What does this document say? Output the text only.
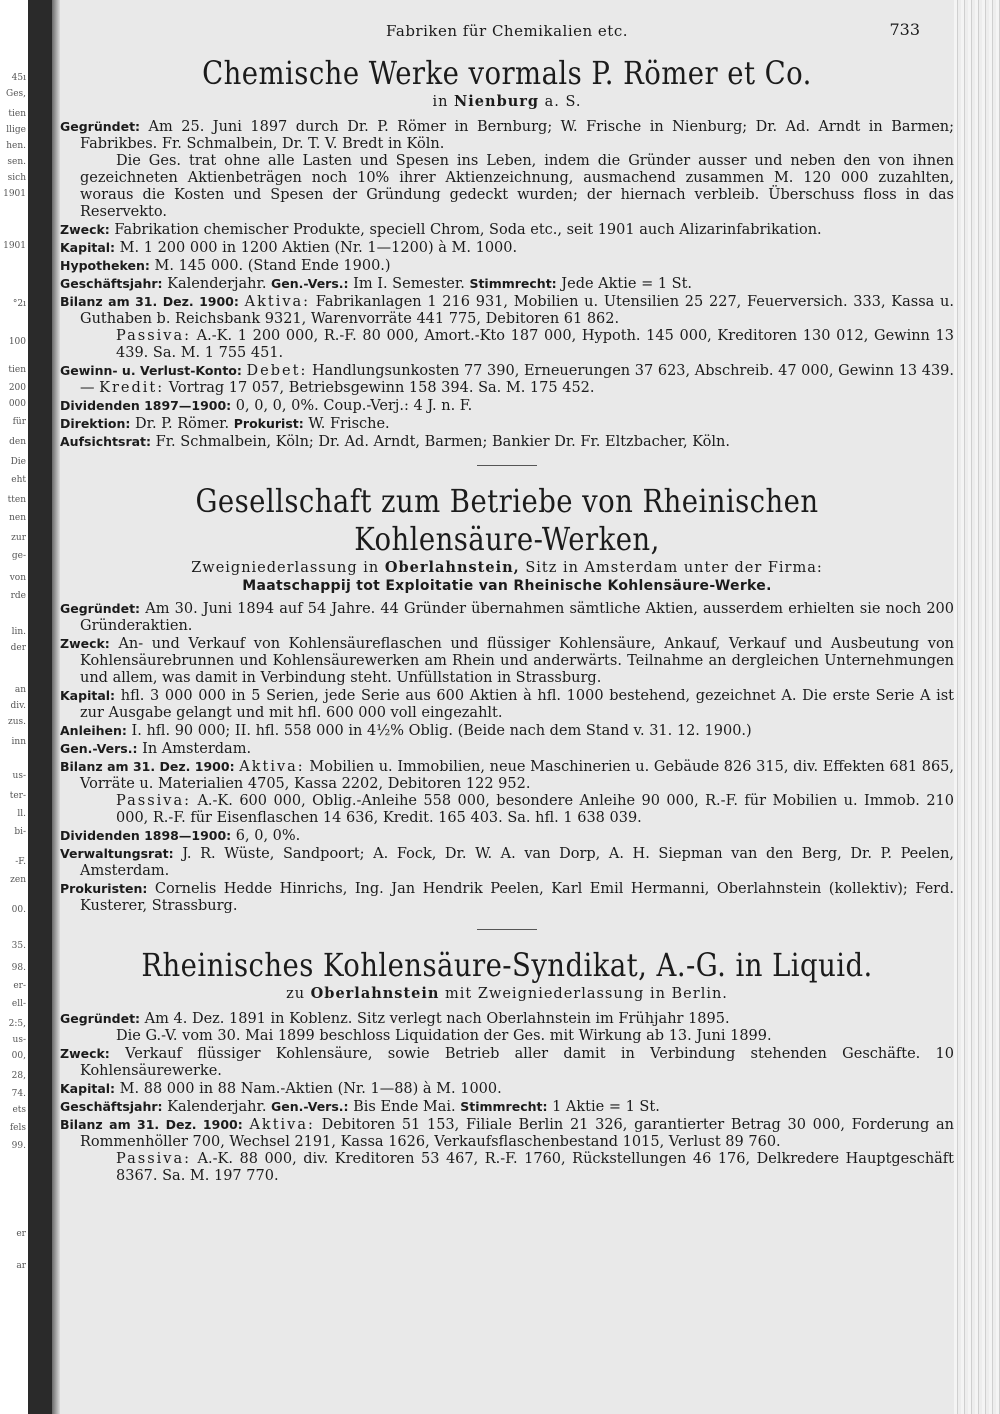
45ı
Ges,
tien
llige
hen.
sen.
sich
1901
1901
°2ı
100
tien
200
000
für
den
Die
eht
tten
nen
zur
ge-
von
rde
lin.
der
an
div.
zus.
inn
us-
ter-
ll.
bi-
-F.
zen
00.
35.
98.
er-
ell-
2:5,
us-
00,
28,
74.
ets
fels
99.
er
ar
Fabriken für Chemikalien etc.	733
Chemische Werke vormals P. Römer et Co.
in Nienburg a. S.
Gegründet: Am 25. Juni 1897 durch Dr. P. Römer in Bernburg; W. Frische in Nienburg; Dr. Ad. Arndt in Barmen; Fabrikbes. Fr. Schmalbein, Dr. T. V. Bredt in Köln.
Die Ges. trat ohne alle Lasten und Spesen ins Leben, indem die Gründer ausser und neben den von ihnen gezeichneten Aktienbeträgen noch 10% ihrer Aktienzeichnung, ausmachend zusammen M. 120 000 zuzahlten, woraus die Kosten und Spesen der Gründung gedeckt wurden; der hiernach verbleib. Überschuss floss in das Reservekto.
Zweck: Fabrikation chemischer Produkte, speciell Chrom, Soda etc., seit 1901 auch Alizarinfabrikation.
Kapital: M. 1 200 000 in 1200 Aktien (Nr. 1—1200) à M. 1000.
Hypotheken: M. 145 000. (Stand Ende 1900.)
Geschäftsjahr: Kalenderjahr. Gen.-Vers.: Im I. Semester. Stimmrecht: Jede Aktie = 1 St.
Bilanz am 31. Dez. 1900: Aktiva: Fabrikanlagen 1 216 931, Mobilien u. Utensilien 25 227, Feuerversich. 333, Kassa u. Guthaben b. Reichsbank 9321, Warenvorräte 441 775, Debitoren 61 862.
Passiva: A.-K. 1 200 000, R.-F. 80 000, Amort.-Kto 187 000, Hypoth. 145 000, Kreditoren 130 012, Gewinn 13 439. Sa. M. 1 755 451.
Gewinn- u. Verlust-Konto: Debet: Handlungsunkosten 77 390, Erneuerungen 37 623, Abschreib. 47 000, Gewinn 13 439. — Kredit: Vortrag 17 057, Betriebsgewinn 158 394. Sa. M. 175 452.
Dividenden 1897—1900: 0, 0, 0, 0%. Coup.-Verj.: 4 J. n. F.
Direktion: Dr. P. Römer. Prokurist: W. Frische.
Aufsichtsrat: Fr. Schmalbein, Köln; Dr. Ad. Arndt, Barmen; Bankier Dr. Fr. Eltzbacher, Köln.
Gesellschaft zum Betriebe von Rheinischen
Kohlensäure-Werken,
Zweigniederlassung in Oberlahnstein, Sitz in Amsterdam unter der Firma:
Maatschappij tot Exploitatie van Rheinische Kohlensäure-Werke.
Gegründet: Am 30. Juni 1894 auf 54 Jahre. 44 Gründer übernahmen sämtliche Aktien, ausserdem erhielten sie noch 200 Gründeraktien.
Zweck: An- und Verkauf von Kohlensäureflaschen und flüssiger Kohlensäure, Ankauf, Verkauf und Ausbeutung von Kohlensäurebrunnen und Kohlensäurewerken am Rhein und anderwärts. Teilnahme an dergleichen Unternehmungen und allem, was damit in Verbindung steht. Unfüllstation in Strassburg.
Kapital: hfl. 3 000 000 in 5 Serien, jede Serie aus 600 Aktien à hfl. 1000 bestehend, gezeichnet A. Die erste Serie A ist zur Ausgabe gelangt und mit hfl. 600 000 voll eingezahlt.
Anleihen: I. hfl. 90 000; II. hfl. 558 000 in 4½% Oblig. (Beide nach dem Stand v. 31. 12. 1900.)
Gen.-Vers.: In Amsterdam.
Bilanz am 31. Dez. 1900: Aktiva: Mobilien u. Immobilien, neue Maschinerien u. Gebäude 826 315, div. Effekten 681 865, Vorräte u. Materialien 4705, Kassa 2202, Debitoren 122 952.
Passiva: A.-K. 600 000, Oblig.-Anleihe 558 000, besondere Anleihe 90 000, R.-F. für Mobilien u. Immob. 210 000, R.-F. für Eisenflaschen 14 636, Kredit. 165 403. Sa. hfl. 1 638 039.
Dividenden 1898—1900: 6, 0, 0%.
Verwaltungsrat: J. R. Wüste, Sandpoort; A. Fock, Dr. W. A. van Dorp, A. H. Siepman van den Berg, Dr. P. Peelen, Amsterdam.
Prokuristen: Cornelis Hedde Hinrichs, Ing. Jan Hendrik Peelen, Karl Emil Hermanni, Oberlahnstein (kollektiv); Ferd. Kusterer, Strassburg.
Rheinisches Kohlensäure-Syndikat, A.-G. in Liquid.
zu Oberlahnstein mit Zweigniederlassung in Berlin.
Gegründet: Am 4. Dez. 1891 in Koblenz. Sitz verlegt nach Oberlahnstein im Frühjahr 1895.
Die G.-V. vom 30. Mai 1899 beschloss Liquidation der Ges. mit Wirkung ab 13. Juni 1899.
Zweck: Verkauf flüssiger Kohlensäure, sowie Betrieb aller damit in Verbindung stehenden Geschäfte. 10 Kohlensäurewerke.
Kapital: M. 88 000 in 88 Nam.-Aktien (Nr. 1—88) à M. 1000.
Geschäftsjahr: Kalenderjahr. Gen.-Vers.: Bis Ende Mai. Stimmrecht: 1 Aktie = 1 St.
Bilanz am 31. Dez. 1900: Aktiva: Debitoren 51 153, Filiale Berlin 21 326, garantierter Betrag 30 000, Forderung an Rommenhöller 700, Wechsel 2191, Kassa 1626, Verkaufsflaschenbestand 1015, Verlust 89 760.
Passiva: A.-K. 88 000, div. Kreditoren 53 467, R.-F. 1760, Rückstellungen 46 176, Delkredere Hauptgeschäft 8367. Sa. M. 197 770.
